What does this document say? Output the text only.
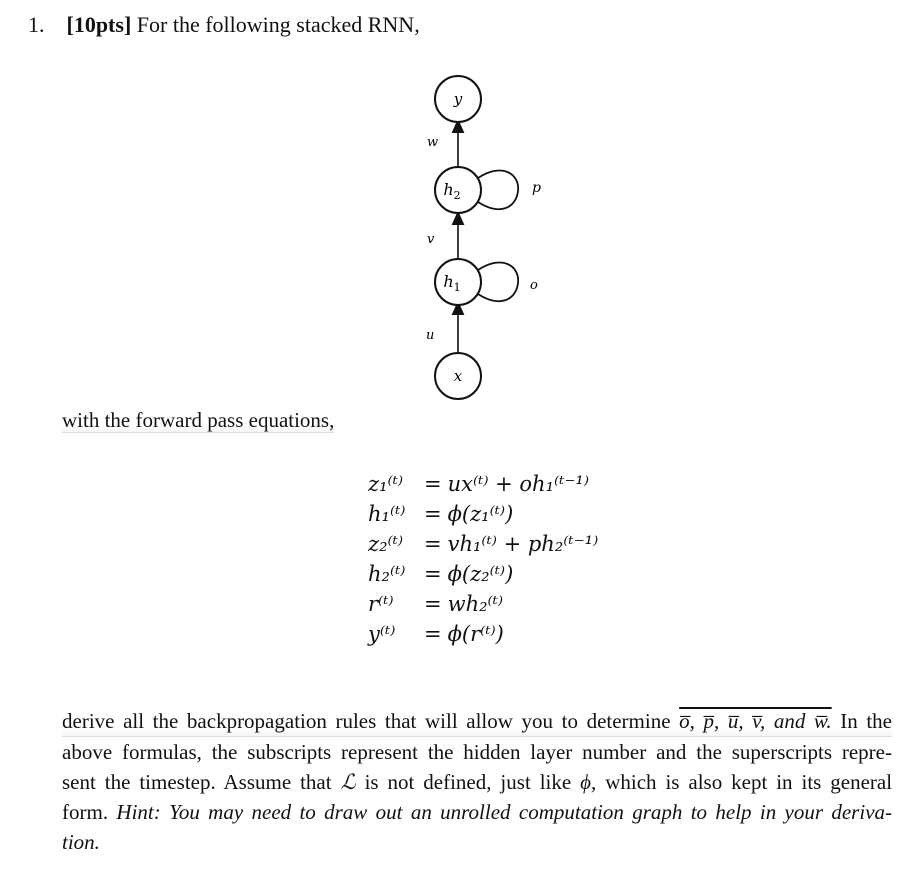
1. [10pts] For the following stacked RNN,
y
$h_2$
$h_1$
x
w
v
u
p
o
with the forward pass equations,
z₁⁽ᵗ⁾ = ux⁽ᵗ⁾ + oh₁⁽ᵗ⁻¹⁾
h₁⁽ᵗ⁾ = ϕ(z₁⁽ᵗ⁾)
z₂⁽ᵗ⁾ = vh₁⁽ᵗ⁾ + ph₂⁽ᵗ⁻¹⁾
h₂⁽ᵗ⁾ = ϕ(z₂⁽ᵗ⁾)
r⁽ᵗ⁾ = wh₂⁽ᵗ⁾
y⁽ᵗ⁾ = ϕ(r⁽ᵗ⁾)
derive all the backpropagation rules that will allow you to determine o̅, p̅, u̅, v̅, and w̅. In the
above formulas, the subscripts represent the hidden layer number and the superscripts repre-
sent the timestep. Assume that ℒ is not defined, just like ϕ, which is also kept in its general
form. Hint: You may need to draw out an unrolled computation graph to help in your deriva-
tion.
